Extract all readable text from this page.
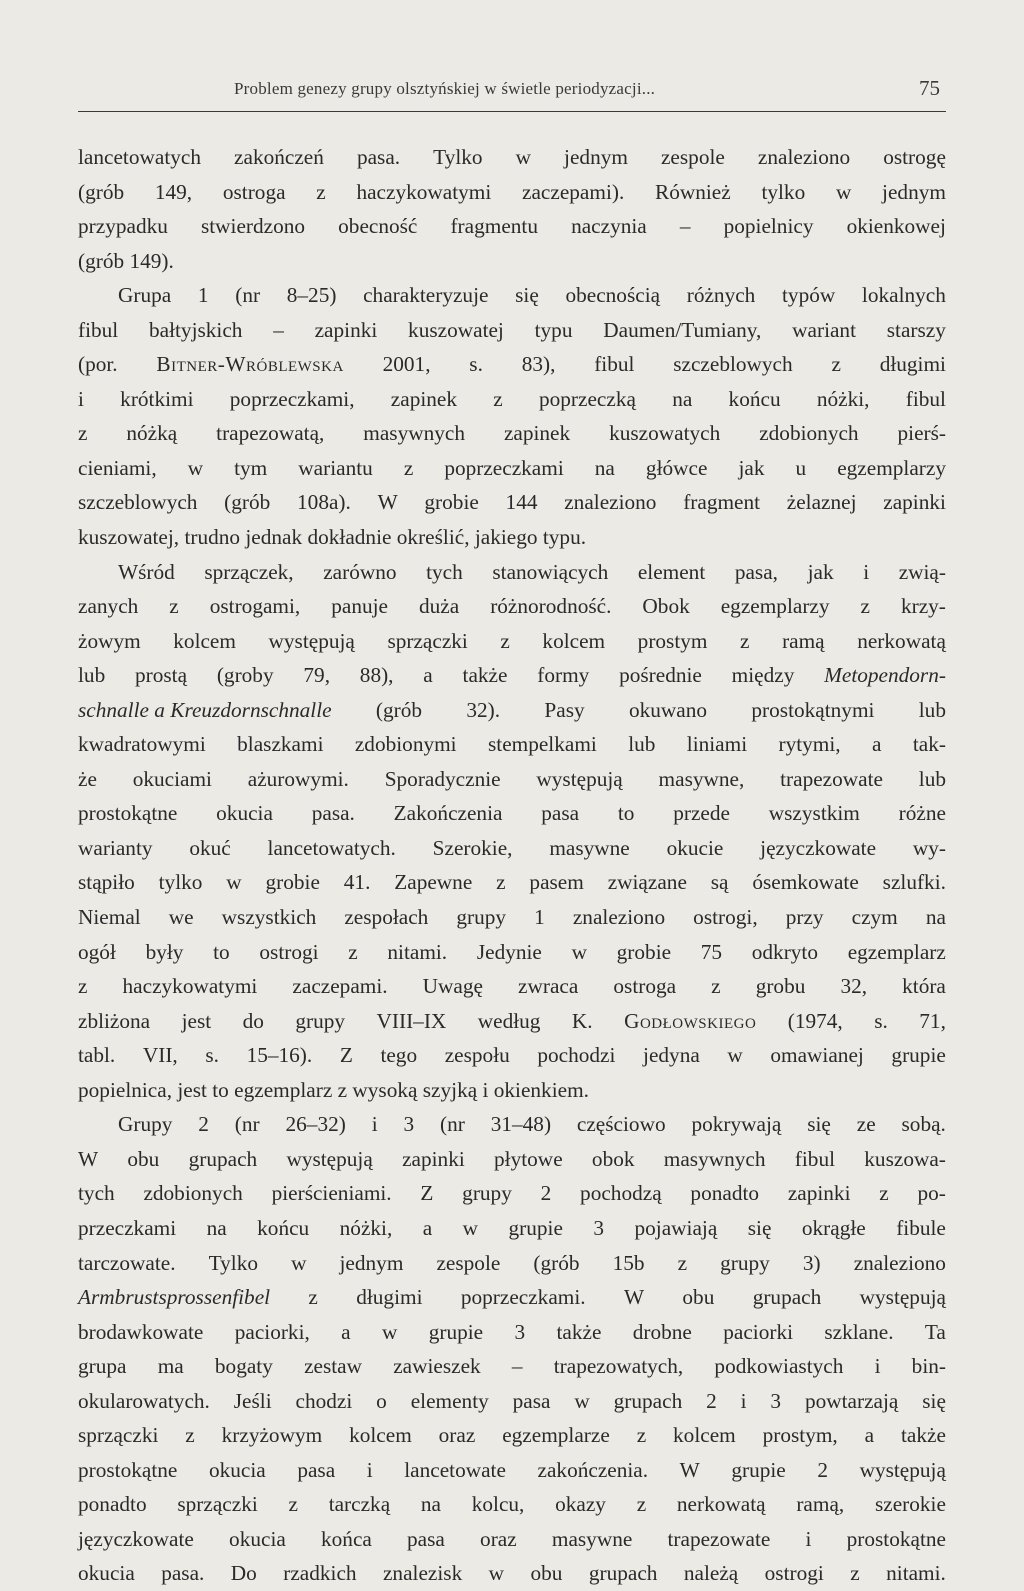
Problem genezy grupy olsztyńskiej w świetle periodyzacji...	75
lancetowatych zakończeń pasa. Tylko w jednym zespole znaleziono ostrogę
(grób 149, ostroga z haczykowatymi zaczepami). Również tylko w jednym
przypadku stwierdzono obecność fragmentu naczynia – popielnicy okienkowej
(grób 149).
Grupa 1 (nr 8–25) charakteryzuje się obecnością różnych typów lokalnych
fibul bałtyjskich – zapinki kuszowatej typu Daumen/Tumiany, wariant starszy
(por. Bitner-Wróblewska 2001, s. 83), fibul szczeblowych z długimi
i krótkimi poprzeczkami, zapinek z poprzeczką na końcu nóżki, fibul
z nóżką trapezowatą, masywnych zapinek kuszowatych zdobionych pierś-
cieniami, w tym wariantu z poprzeczkami na główce jak u egzemplarzy
szczeblowych (grób 108a). W grobie 144 znaleziono fragment żelaznej zapinki
kuszowatej, trudno jednak dokładnie określić, jakiego typu.
Wśród sprzączek, zarówno tych stanowiących element pasa, jak i zwią-
zanych z ostrogami, panuje duża różnorodność. Obok egzemplarzy z krzy-
żowym kolcem występują sprzączki z kolcem prostym z ramą nerkowatą
lub prostą (groby 79, 88), a także formy pośrednie między Metopendorn-
schnalle a Kreuzdornschnalle (grób 32). Pasy okuwano prostokątnymi lub
kwadratowymi blaszkami zdobionymi stempelkami lub liniami rytymi, a tak-
że okuciami ażurowymi. Sporadycznie występują masywne, trapezowate lub
prostokątne okucia pasa. Zakończenia pasa to przede wszystkim różne
warianty okuć lancetowatych. Szerokie, masywne okucie języczkowate wy-
stąpiło tylko w grobie 41. Zapewne z pasem związane są ósemkowate szlufki.
Niemal we wszystkich zespołach grupy 1 znaleziono ostrogi, przy czym na
ogół były to ostrogi z nitami. Jedynie w grobie 75 odkryto egzemplarz
z haczykowatymi zaczepami. Uwagę zwraca ostroga z grobu 32, która
zbliżona jest do grupy VIII–IX według K. Godłowskiego (1974, s. 71,
tabl. VII, s. 15–16). Z tego zespołu pochodzi jedyna w omawianej grupie
popielnica, jest to egzemplarz z wysoką szyjką i okienkiem.
Grupy 2 (nr 26–32) i 3 (nr 31–48) częściowo pokrywają się ze sobą.
W obu grupach występują zapinki płytowe obok masywnych fibul kuszowa-
tych zdobionych pierścieniami. Z grupy 2 pochodzą ponadto zapinki z po-
przeczkami na końcu nóżki, a w grupie 3 pojawiają się okrągłe fibule
tarczowate. Tylko w jednym zespole (grób 15b z grupy 3) znaleziono
Armbrustsprossenfibel z długimi poprzeczkami. W obu grupach występują
brodawkowate paciorki, a w grupie 3 także drobne paciorki szklane. Ta
grupa ma bogaty zestaw zawieszek – trapezowatych, podkowiastych i bin-
okularowatych. Jeśli chodzi o elementy pasa w grupach 2 i 3 powtarzają się
sprzączki z krzyżowym kolcem oraz egzemplarze z kolcem prostym, a także
prostokątne okucia pasa i lancetowate zakończenia. W grupie 2 występują
ponadto sprzączki z tarczką na kolcu, okazy z nerkowatą ramą, szerokie
języczkowate okucia końca pasa oraz masywne trapezowate i prostokątne
okucia pasa. Do rzadkich znalezisk w obu grupach należą ostrogi z nitami.
